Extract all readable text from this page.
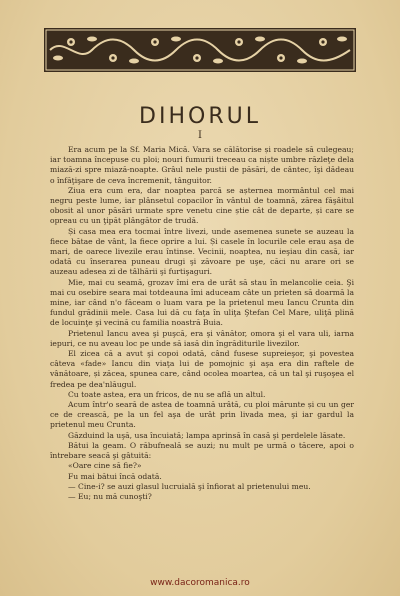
DIHORUL
I

Era acum pe la Sf. Maria Mică. Vara se călătorise și roadele să culegeau; iar toamna începuse cu ploi; nouri fumurii treceau ca niște umbre răzleţe dela miază-zi spre miază-noapte. Grâul nele pustii de păsări, de cântec, îşi dădeau o înfăţişare de ceva încremenit, tânguitor.

Ziua era cum era, dar noaptea parcă se așternea mormântul cel mai negru peste lume, iar plânsetul copacilor în vântul de toamnă, zărea făşâitul obosit al unor păsări urmate spre venetu cine știe cât de departe, și care se opreau cu un ţipăt plângător de trudă.

Și casa mea era tocmai între livezi, unde asemenea sunete se auzeau la fiece bătae de vânt, la fiece oprire a lui. Și casele în locurile cele erau așa de mari, de oarece livezile erau întinse. Vecinii, noaptea, nu ieşiau din casă, iar odată cu înserarea puneau drugi şi zăvoare pe uşe, căci nu arare ori se auzeau adesea zi de tâlhării şi furtişaguri.

Mie, mai cu seamă, grozav îmi era de urât să stau în melancolie ceia. Şi mai cu osebire seara mai totdeauna îmi aduceam câte un prieten să doarmă la mine, iar când n'o făceam o luam vara pe la prietenul meu Iancu Crunta din fundul grădinii mele. Casa lui dă cu faţa în uliţa Ştefan Cel Mare, uliţă plină de locuinţe şi vecină cu familia noastră Buia.

Prietenul Iancu avea şi puşcă, era şi vânător, omora şi el vara uli, iarna iepuri, ce nu aveau loc pe unde să iasă din îngrăditurile livezilor.

El zicea că a avut şi copoi odată, când fusese supreieşor, şi povestea câteva «fade» Iancu din viaţa lui de pomojnic şi aşa era din raftele de vânătoare, și zăcea, spunea care, când ocolea moartea, că un tal şi ruşoşea el fredea pe dea'nlăugul.

Cu toate astea, era un fricos, de nu se află un altul.

Acum într'o seară de astea de toamnă urâtă, cu ploi mărunte și cu un ger ce de crească, pe la un fel aşa de urât prin livada mea, şi iar gardul la prietenul meu Crunta.

Găzduind la uşă, usa încuiată; lampa aprinsă în casă şi perdelele lăsate.

Bătui la geam. O răbufneală se auzi; nu mult pe urmă o tăcere, apoi o întrebare seacă şi gâtuită:

«Oare cine să fie?»

Fu mai bătui încă odată.

— Cine-i? se auzi glasul lucruială şi înfiorat al prietenului meu.

— Eu; nu mă cunoşti?

www.dacoromanica.ro
